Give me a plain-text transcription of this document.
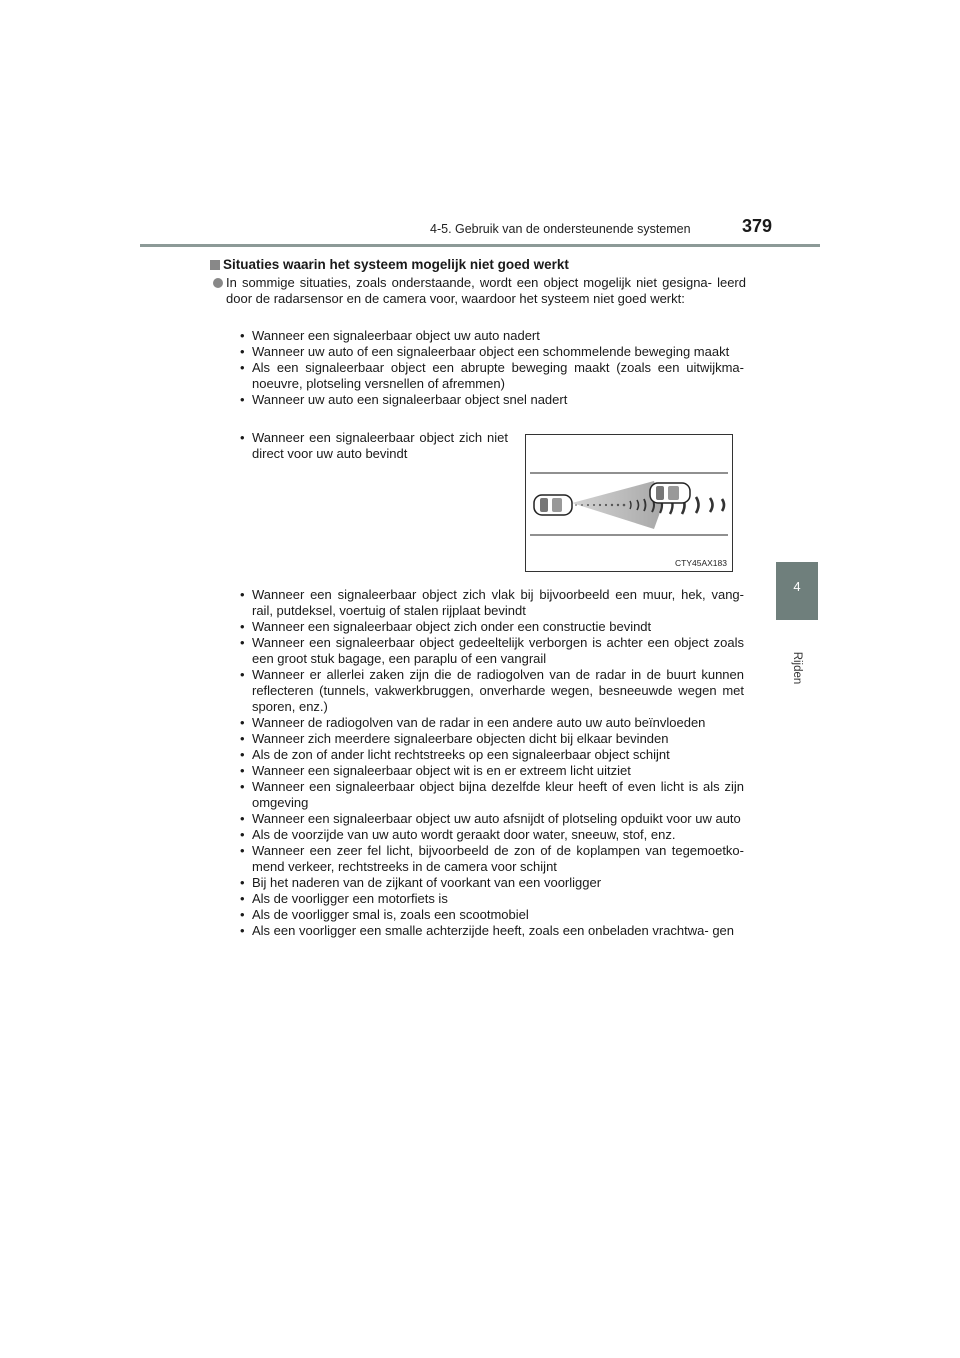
4-5. Gebruik van de ondersteunende systemen	379
4
Rijden
Situaties waarin het systeem mogelijk niet goed werkt
In sommige situaties, zoals onderstaande, wordt een object mogelijk niet gesigna- leerd door de radarsensor en de camera voor, waardoor het systeem niet goed werkt:
• Wanneer een signaleerbaar object uw auto nadert
• Wanneer uw auto of een signaleerbaar object een schommelende beweging maakt
• Als een signaleerbaar object een abrupte beweging maakt (zoals een uitwijkma- noeuvre, plotseling versnellen of afremmen)
• Wanneer uw auto een signaleerbaar object snel nadert
• Wanneer een signaleerbaar object zich niet direct voor uw auto bevindt
CTY45AX183
• Wanneer een signaleerbaar object zich vlak bij bijvoorbeeld een muur, hek, vang- rail, putdeksel, voertuig of stalen rijplaat bevindt
• Wanneer een signaleerbaar object zich onder een constructie bevindt
• Wanneer een signaleerbaar object gedeeltelijk verborgen is achter een object zoals een groot stuk bagage, een paraplu of een vangrail
• Wanneer er allerlei zaken zijn die de radiogolven van de radar in de buurt kunnen reflecteren (tunnels, vakwerkbruggen, onverharde wegen, besneeuwde wegen met sporen, enz.)
• Wanneer de radiogolven van de radar in een andere auto uw auto beïnvloeden
• Wanneer zich meerdere signaleerbare objecten dicht bij elkaar bevinden
• Als de zon of ander licht rechtstreeks op een signaleerbaar object schijnt
• Wanneer een signaleerbaar object wit is en er extreem licht uitziet
• Wanneer een signaleerbaar object bijna dezelfde kleur heeft of even licht is als zijn omgeving
• Wanneer een signaleerbaar object uw auto afsnijdt of plotseling opduikt voor uw auto
• Als de voorzijde van uw auto wordt geraakt door water, sneeuw, stof, enz.
• Wanneer een zeer fel licht, bijvoorbeeld de zon of de koplampen van tegemoetko- mend verkeer, rechtstreeks in de camera voor schijnt
• Bij het naderen van de zijkant of voorkant van een voorligger
• Als de voorligger een motorfiets is
• Als de voorligger smal is, zoals een scootmobiel
• Als een voorligger een smalle achterzijde heeft, zoals een onbeladen vrachtwa- gen
